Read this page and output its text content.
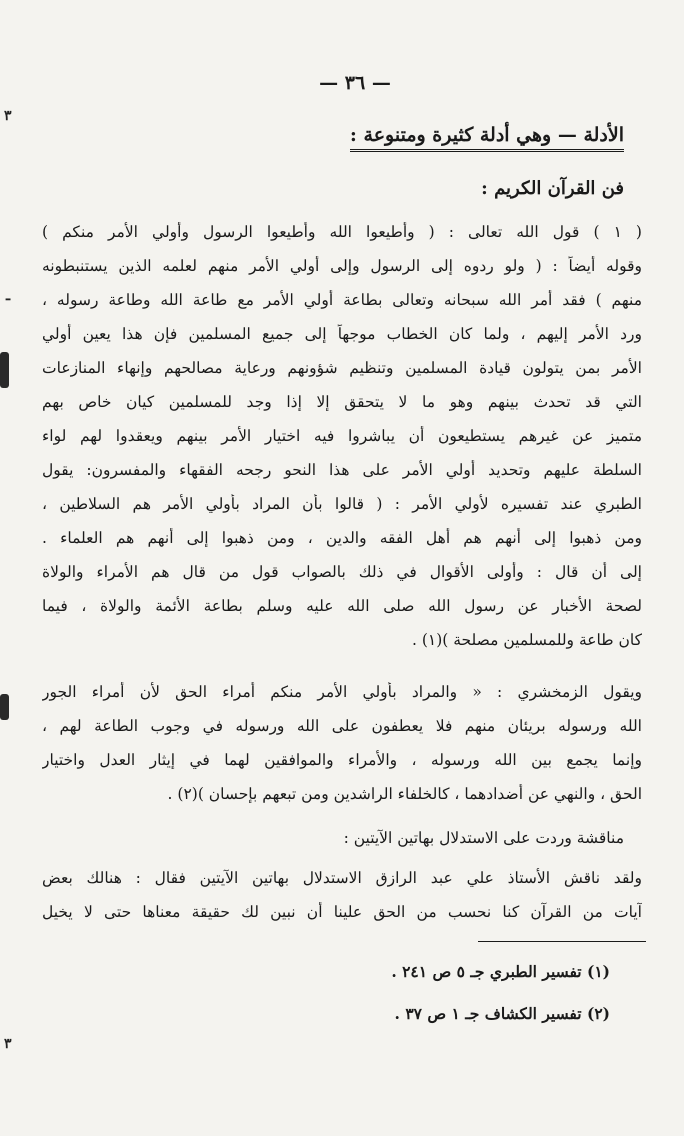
٣
ـ
٣
— ٣٦ —
الأدلة — وهي أدلة كثيرة ومتنوعة :
فن القرآن الكريم :
( ١ ) قول الله تعالى : ( وأطيعوا الله وأطيعوا الرسول وأولي الأمر منكم )
وقوله أيضاً : ( ولو ردوه إلى الرسول وإلى أولي الأمر منهم لعلمه الذين يستنبطونه
منهم ) فقد أمر الله سبحانه وتعالى بطاعة أولي الأمر مع طاعة الله وطاعة رسوله ،
ورد الأمر إليهم ، ولما كان الخطاب موجهاً إلى جميع المسلمين فإن هذا يعين أولي
الأمر بمن يتولون قيادة المسلمين وتنظيم شؤونهم ورعاية مصالحهم وإنهاء المنازعات
التي قد تحدث بينهم وهو ما لا يتحقق إلا إذا وجد للمسلمين كيان خاص بهم
متميز عن غيرهم يستطيعون أن يباشروا فيه اختيار الأمر بينهم ويعقدوا لهم لواء
السلطة عليهم وتحديد أولي الأمر على هذا النحو رجحه الفقهاء والمفسرون: يقول
الطبري عند تفسيره لأولي الأمر : ( قالوا بأن المراد بأولي الأمر هم السلاطين ،
ومن ذهبوا إلى أنهم هم أهل الفقه والدين ، ومن ذهبوا إلى أنهم هم العلماء .
إلى أن قال : وأولى الأقوال في ذلك بالصواب قول من قال هم الأمراء والولاة
لصحة الأخبار عن رسول الله صلى الله عليه وسلم بطاعة الأئمة والولاة ، فيما
كان طاعة وللمسلمين مصلحة )(١) .
ويقول الزمخشري : « والمراد بأولي الأمر منكم أمراء الحق لأن أمراء الجور
الله ورسوله بريئان منهم فلا يعطفون على الله ورسوله في وجوب الطاعة لهم ،
وإنما يجمع بين الله ورسوله ، والأمراء والموافقين لهما في إيثار العدل واختيار
الحق ، والنهي عن أضدادهما ، كالخلفاء الراشدين ومن تبعهم بإحسان )(٢) .
مناقشة وردت على الاستدلال بهاتين الآيتين :
ولقد ناقش الأستاذ علي عبد الرازق الاستدلال بهاتين الآيتين فقال : هنالك بعض
آيات من القرآن كنا نحسب من الحق علينا أن نبين لك حقيقة معناها حتى لا يخيل
(١) تفسير الطبري جـ ٥ ص ٢٤١ .
(٢) تفسير الكشاف جـ ١ ص ٣٧ .
